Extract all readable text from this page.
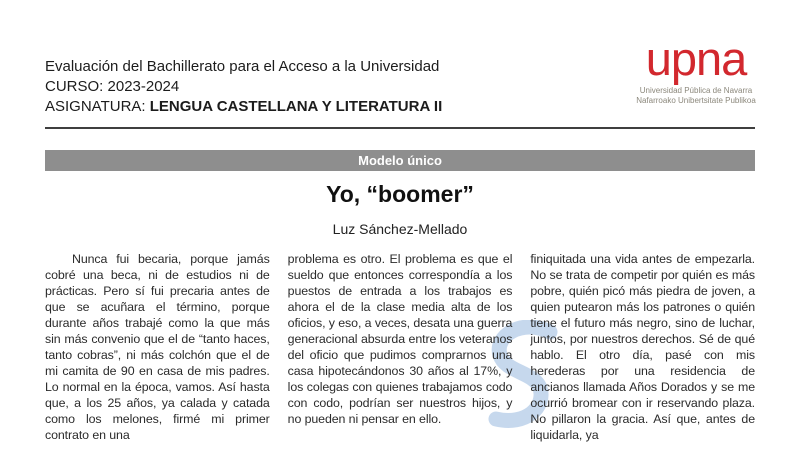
Evaluación del Bachillerato para el Acceso a la Universidad
CURSO: 2023-2024
ASIGNATURA: LENGUA CASTELLANA Y LITERATURA II
upna
Universidad Pública de Navarra
Nafarroako Unibertsitate Publikoa
Modelo único
Yo, “boomer”
Luz Sánchez-Mellado
Nunca fui becaria, porque jamás cobré una beca, ni de estudios ni de prácticas. Pero sí fui precaria antes de que se acuñara el término, porque durante años trabajé como la que más sin más convenio que el de “tanto haces, tanto cobras”, ni más colchón que el de mi camita de 90 en casa de mis padres. Lo normal en la época, vamos. Así hasta que, a los 25 años, ya calada y catada como los melones, firmé mi primer contrato en una
problema es otro. El problema es que el sueldo que entonces correspondía a los puestos de entrada a los trabajos es ahora el de la clase media alta de los oficios, y eso, a veces, desata una guerra generacional absurda entre los veteranos del oficio que pudimos comprarnos una casa hipotecándonos 30 años al 17%, y los colegas con quienes trabajamos codo con codo, podrían ser nuestros hijos, y no pueden ni pensar en ello.
finiquitada una vida antes de empezarla. No se trata de competir por quién es más pobre, quién picó más piedra de joven, a quien putearon más los patrones o quién tiene el futuro más negro, sino de luchar, juntos, por nuestros derechos. Sé de qué hablo. El otro día, pasé con mis herederas por una residencia de ancianos llamada Años Dorados y se me ocurrió bromear con ir reservando plaza. No pillaron la gracia. Así que, antes de liquidarla, ya
